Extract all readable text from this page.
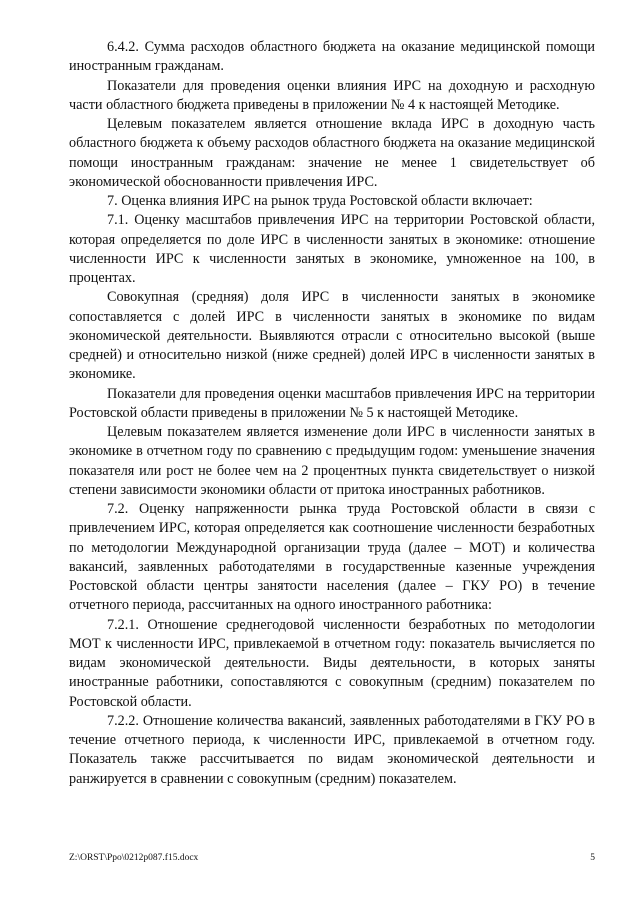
6.4.2. Сумма расходов областного бюджета на оказание медицинской помощи иностранным гражданам.

Показатели для проведения оценки влияния ИРС на доходную и расходную части областного бюджета приведены в приложении № 4 к настоящей Методике.

Целевым показателем является отношение вклада ИРС в доходную часть областного бюджета к объему расходов областного бюджета на оказание медицинской помощи иностранным гражданам: значение не менее 1 свидетельствует об экономической обоснованности привлечения ИРС.

7. Оценка влияния ИРС на рынок труда Ростовской области включает:

7.1. Оценку масштабов привлечения ИРС на территории Ростовской области, которая определяется по доле ИРС в численности занятых в экономике: отношение численности ИРС к численности занятых в экономике, умноженное на 100, в процентах.

Совокупная (средняя) доля ИРС в численности занятых в экономике сопоставляется с долей ИРС в численности занятых в экономике по видам экономической деятельности. Выявляются отрасли с относительно высокой (выше средней) и относительно низкой (ниже средней) долей ИРС в численности занятых в экономике.

Показатели для проведения оценки масштабов привлечения ИРС на территории Ростовской области приведены в приложении № 5 к настоящей Методике.

Целевым показателем является изменение доли ИРС в численности занятых в экономике в отчетном году по сравнению с предыдущим годом: уменьшение значения показателя или рост не более чем на 2 процентных пункта свидетельствует о низкой степени зависимости экономики области от притока иностранных работников.

7.2. Оценку напряженности рынка труда Ростовской области в связи с привлечением ИРС, которая определяется как соотношение численности безработных по методологии Международной организации труда (далее – МОТ) и количества вакансий, заявленных работодателями в государственные казенные учреждения Ростовской области центры занятости населения (далее – ГКУ РО) в течение отчетного периода, рассчитанных на одного иностранного работника:

7.2.1. Отношение среднегодовой численности безработных по методологии МОТ к численности ИРС, привлекаемой в отчетном году: показатель вычисляется по видам экономической деятельности. Виды деятельности, в которых заняты иностранные работники, сопоставляются с совокупным (средним) показателем по Ростовской области.

7.2.2. Отношение количества вакансий, заявленных работодателями в ГКУ РО в течение отчетного периода, к численности ИРС, привлекаемой в отчетном году. Показатель также рассчитывается по видам экономической деятельности и ранжируется в сравнении с совокупным (средним) показателем.

Z:\ORST\Ppo\0212p087.f15.docx	5
